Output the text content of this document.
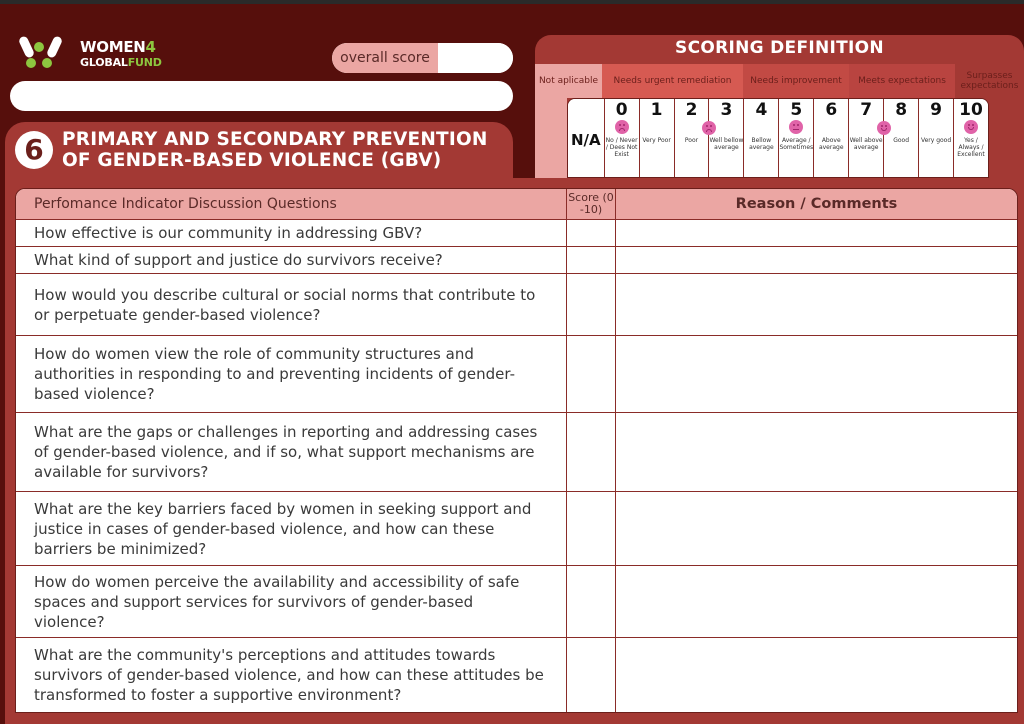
WOMEN4
GLOBALFUND	overall score
6 PRIMARY AND SECONDARY PREVENTION
OF GENDER-BASED VIOLENCE (GBV)
SCORING DEFINITION
Not aplicable	Needs urgent remediation	Needs improvement	Meets expectations	Surpasses expectations
N/A
0
No / Never / Dees Not Exist
1
Very Poor
2
Poor
3
Well bellow average
4
Bellow average
5
Average / Sometimes
6
Above average
7
Well above average
8
Good
9
Very good
10
Yes / Always / Excellent
Perfomance Indicator Discussion Questions	Score (0 -10)	Reason / Comments
How effective is our community in addressing GBV?
What kind of support and justice do survivors receive?
How would you describe cultural or social norms that contribute to or perpetuate gender-based violence?
How do women view the role of community structures and authorities in responding to and preventing incidents of gender-based violence?
What are the gaps or challenges in reporting and addressing cases of gender-based violence, and if so, what support mechanisms are available for survivors?
What are the key barriers faced by women in seeking support and justice in cases of gender-based violence, and how can these barriers be minimized?
How do women perceive the availability and accessibility of safe spaces and support services for survivors of gender-based violence?
What are the community's perceptions and attitudes towards survivors of gender-based violence, and how can these attitudes be transformed to foster a supportive environment?
